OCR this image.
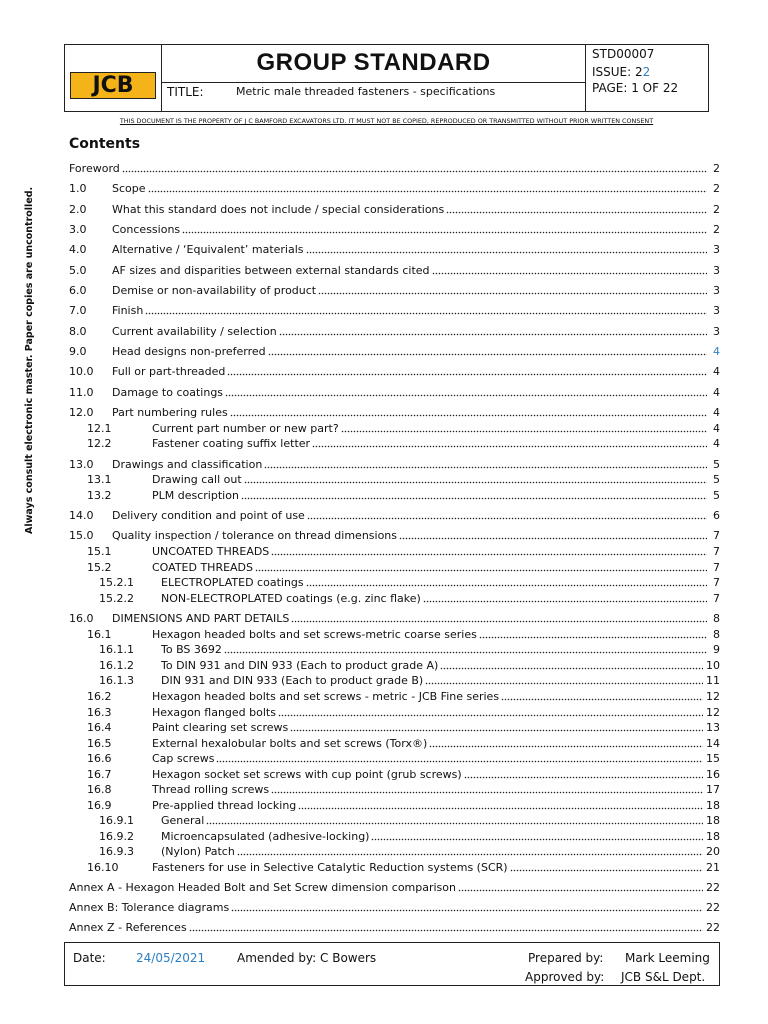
JCB
GROUP STANDARD
TITLE:	Metric male threaded fasteners - specifications
STD00007
ISSUE: 22
PAGE: 1 OF 22
THIS DOCUMENT IS THE PROPERTY OF J C BAMFORD EXCAVATORS LTD. IT MUST NOT BE COPIED, REPRODUCED OR TRANSMITTED WITHOUT PRIOR WRITTEN CONSENT
Always consult electronic master. Paper copies are uncontrolled.
Contents
Foreword	2
1.0 Scope	2
2.0 What this standard does not include / special considerations	2
3.0 Concessions	2
4.0 Alternative / ‘Equivalent’ materials	3
5.0 AF sizes and disparities between external standards cited	3
6.0 Demise or non-availability of product	3
7.0 Finish	3
8.0 Current availability / selection	3
9.0 Head designs non-preferred	4
10.0 Full or part-threaded	4
11.0 Damage to coatings	4
12.0 Part numbering rules	4
12.1	Current part number or new part?	4
12.2	Fastener coating suffix letter	4
13.0 Drawings and classification	5
13.1	Drawing call out	5
13.2	PLM description	5
14.0 Delivery condition and point of use	6
15.0 Quality inspection / tolerance on thread dimensions	7
15.1	UNCOATED THREADS	7
15.2	COATED THREADS	7
15.2.1 ELECTROPLATED coatings	7
15.2.2 NON-ELECTROPLATED coatings (e.g. zinc flake)	7
16.0 DIMENSIONS AND PART DETAILS	8
16.1	Hexagon headed bolts and set screws-metric coarse series	8
16.1.1 To BS 3692	9
16.1.2 To DIN 931 and DIN 933 (Each to product grade A)	10
16.1.3 DIN 931 and DIN 933 (Each to product grade B)	11
16.2	Hexagon headed bolts and set screws - metric - JCB Fine series	12
16.3	Hexagon flanged bolts	12
16.4	Paint clearing set screws	13
16.5	External hexalobular bolts and set screws (Torx®)	14
16.6	Cap screws	15
16.7	Hexagon socket set screws with cup point (grub screws)	16
16.8	Thread rolling screws	17
16.9	Pre-applied thread locking	18
16.9.1 General	18
16.9.2 Microencapsulated (adhesive-locking)	18
16.9.3 (Nylon) Patch	20
16.10	Fasteners for use in Selective Catalytic Reduction systems (SCR)	21
Annex A - Hexagon Headed Bolt and Set Screw dimension comparison	22
Annex B: Tolerance diagrams	22
Annex Z - References	22
Date:	24/05/2021	Amended by: C Bowers	Prepared by: Mark Leeming
Approved by: JCB S&L Dept.
